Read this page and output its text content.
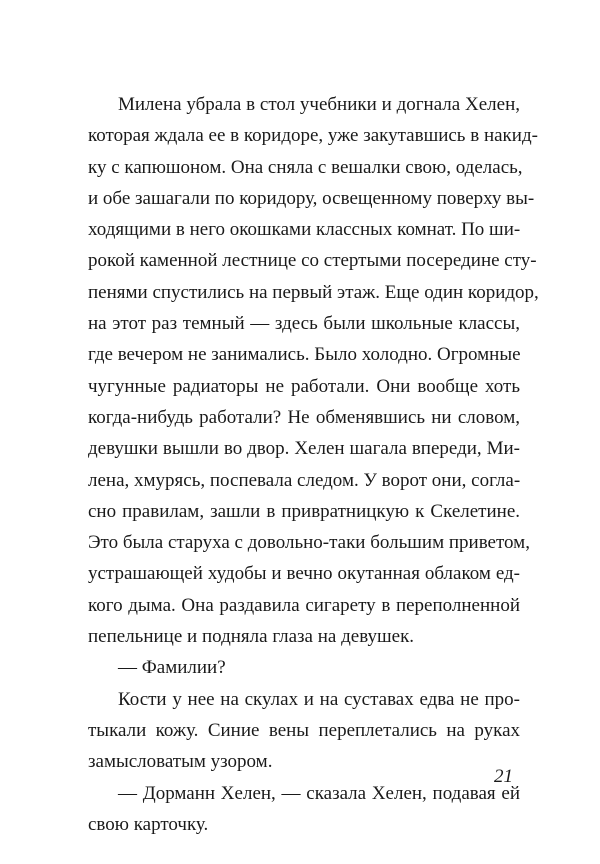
Милена убрала в стол учебники и догнала Хелен,
которая ждала ее в коридоре, уже закутавшись в накид-
ку с капюшоном. Она сняла с вешалки свою, оделась,
и обе зашагали по коридору, освещенному поверху вы-
ходящими в него окошками классных комнат. По ши-
рокой каменной лестнице со стертыми посередине сту-
пенями спустились на первый этаж. Еще один коридор,
на этот раз темный — здесь были школьные классы,
где вечером не занимались. Было холодно. Огромные
чугунные радиаторы не работали. Они вообще хоть
когда-нибудь работали? Не обменявшись ни словом,
девушки вышли во двор. Хелен шагала впереди, Ми-
лена, хмурясь, поспевала следом. У ворот они, согла-
сно правилам, зашли в привратницкую к Скелетине.
Это была старуха с довольно-таки большим приветом,
устрашающей худобы и вечно окутанная облаком ед-
кого дыма. Она раздавила сигарету в переполненной
пепельнице и подняла глаза на девушек.
— Фамилии?
Кости у нее на скулах и на суставах едва не про-
тыкали кожу. Синие вены переплетались на руках
замысловатым узором.
— Дорманн Хелен, — сказала Хелен, подавая ей
свою карточку.
21
